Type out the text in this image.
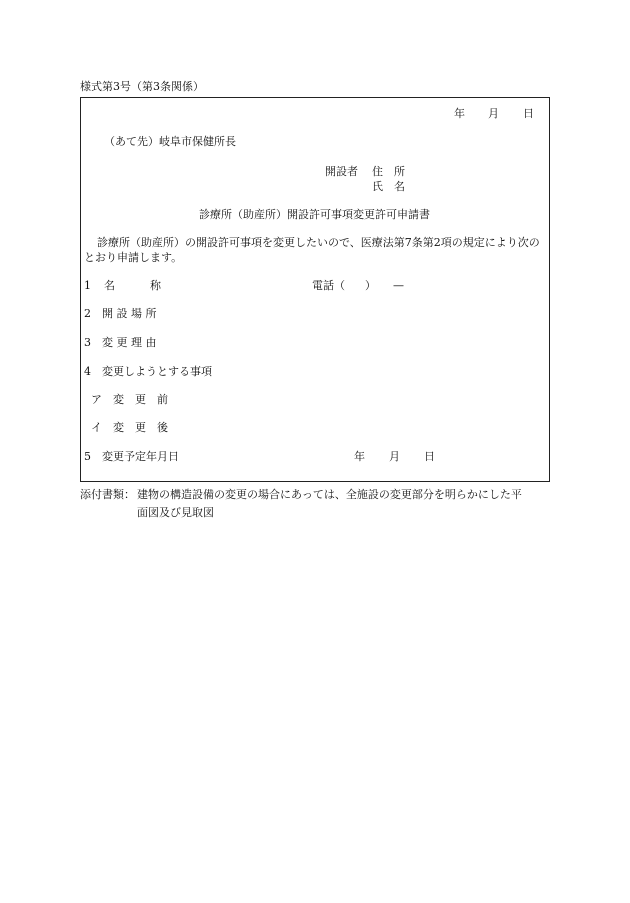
様式第3号（第3条関係）
年 月 日
（あて先）岐阜市保健所長
開設者 住　所
氏　名
診療所（助産所）開設許可事項変更許可申請書
診療所（助産所）の開設許可事項を変更したいので、医療法第7条第2項の規定により次の
とおり申請します。
1 名	称	電話（ ） —
2　開 設 場 所
3　変 更 理 由
4　変更しようとする事項
ア 変　更　前
イ 変　更　後
5　変更予定年月日	年 月 日
添付書類： 建物の構造設備の変更の場合にあっては、全施設の変更部分を明らかにした平
面図及び見取図
